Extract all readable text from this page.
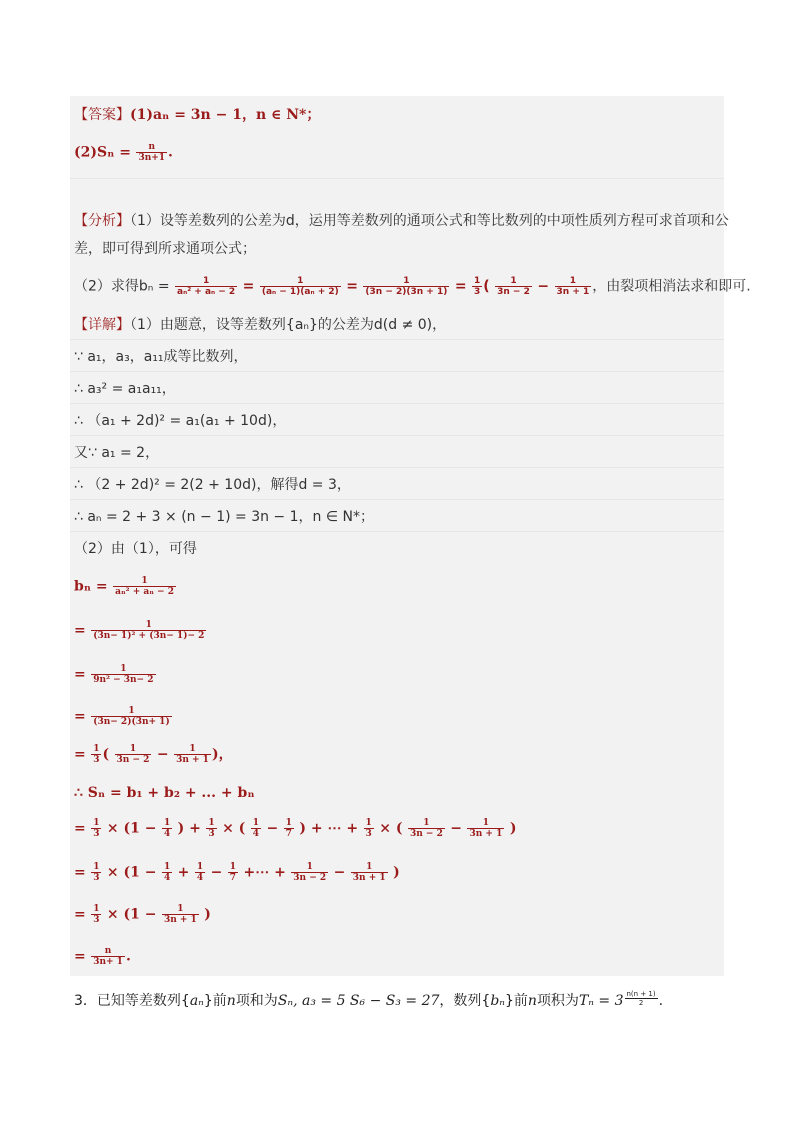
【答案】(1)aₙ = 3n − 1，n ∈ N*；
$(2)S_n = \frac{n}{3n+1}$ .
【分析】（1）设等差数列的公差为d，运用等差数列的通项公式和等比数列的中项性质列方程可求首项和公
差，即可得到所求通项公式；
（2）求得$b_n = \frac{1}{\text{aₙ² + aₙ − 2}} = \frac{1}{\text{(aₙ − 1)(aₙ + 2)}} = \frac{1}{(3n - 2)(3n + 1)} = \frac{1}{3}$ ( $\frac{1}{3n - 2} - \frac{1}{3n + 1}$ ，由裂项相消法求和即可.
【详解】（1）由题意，设等差数列{aₙ}的公差为d(d ≠ 0)，
∵ a₁，a₃，a₁₁成等比数列，
∴ a₃² = a₁a₁₁，
∴ （a₁ + 2d)² = a₁(a₁ + 10d)，
又∵ a₁ = 2，
∴ （2 + 2d)² = 2(2 + 10d)，解得d = 3，
∴ aₙ = 2 + 3 × (n − 1) = 3n − 1，n ∈ N*；
（2）由（1），可得
$b_n = \frac{1}{\text{aₙ² + aₙ − 2}}$
= $\frac{1}{\text{(3n− 1)² + (3n− 1)− 2}}$
= $\frac{1}{\text{9n² − 3n− 2}}$
= $\frac{1}{(3n- 2)(3n+ 1)}$
= $\frac{1}{3}$ ( $\frac{1}{3n - 2} - \frac{1}{3n + 1}$ )，
∴ Sₙ = b₁ + b₂ + ... + bₙ
= $\frac{1}{3} \times (1 - \frac{1}{4}$ ) + $\frac{1}{3}$ × ( $\frac{1}{4} - \frac{1}{7}$ ) + ⋯ + $\frac{1}{3}$ × ( $\frac{1}{3n - 2} - \frac{1}{3n + 1}$ )
= $\frac{1}{3} \times (1 - \frac{1}{4} + \frac{1}{4} - \frac{1}{7}$ +⋯ + $\frac{1}{3n - 2} - \frac{1}{3n + 1}$ )
= $\frac{1}{3} \times (1 - \frac{1}{3n + 1}$ )
= $\frac{n}{3n+ 1}$ .
3．已知等差数列{aₙ}前n项和为Sₙ, a₃ = 5 S₆ − S₃ = 27，数列{bₙ}前n项积为$T_n = 3 \frac{n(n + 1)}{2}$ .
